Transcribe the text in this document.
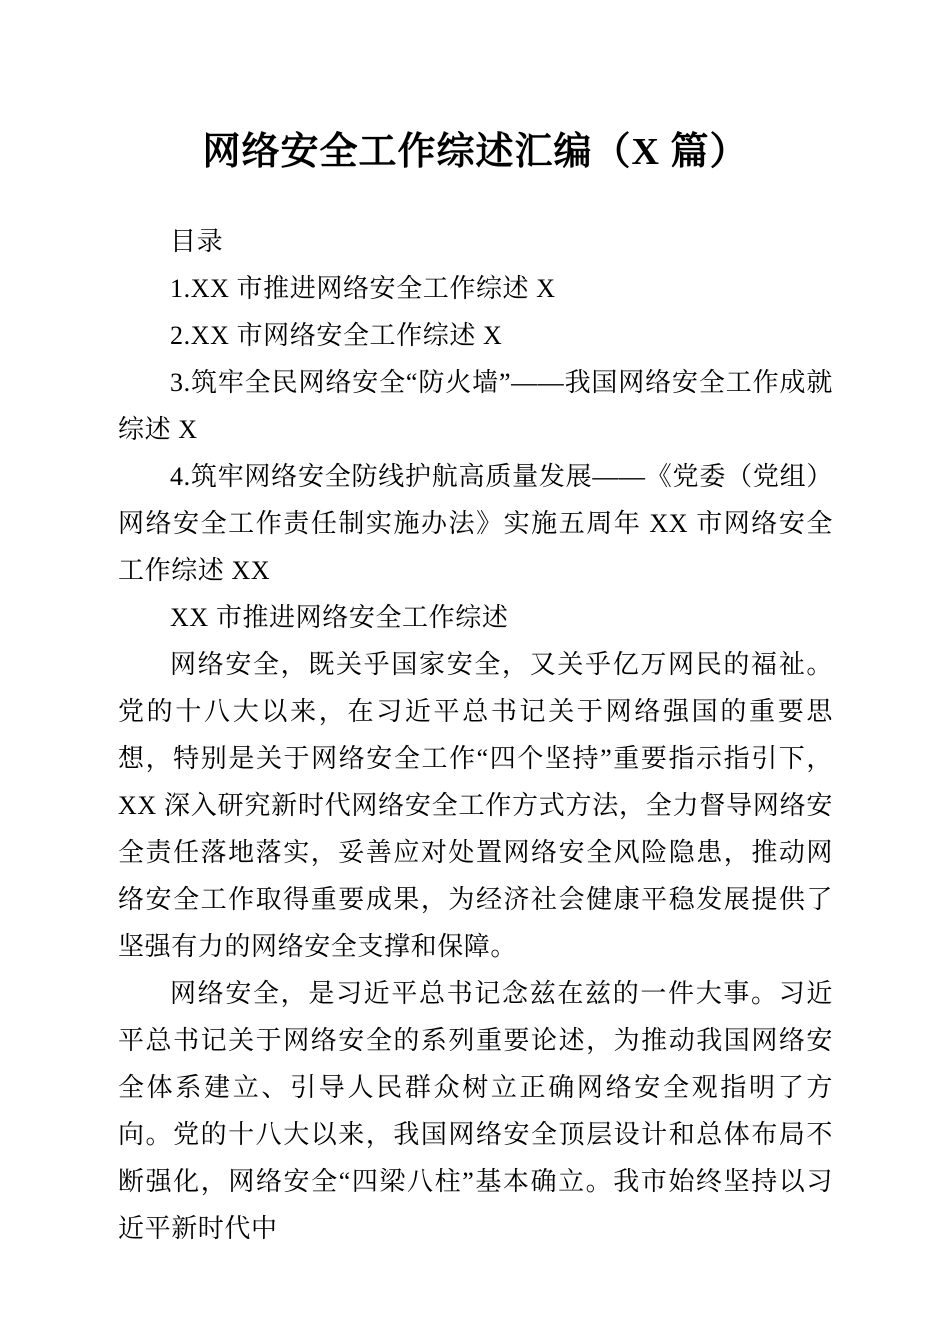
网络安全工作综述汇编（X 篇）

目录

1.XX 市推进网络安全工作综述 X

2.XX 市网络安全工作综述 X

3.筑牢全民网络安全“防火墙”——我国网络安全工作成就综述 X

4.筑牢网络安全防线护航高质量发展——《党委（党组）网络安全工作责任制实施办法》实施五周年 XX 市网络安全工作综述 XX

XX 市推进网络安全工作综述

网络安全，既关乎国家安全，又关乎亿万网民的福祉。党的十八大以来，在习近平总书记关于网络强国的重要思想，特别是关于网络安全工作“四个坚持”重要指示指引下，XX 深入研究新时代网络安全工作方式方法，全力督导网络安全责任落地落实，妥善应对处置网络安全风险隐患，推动网络安全工作取得重要成果，为经济社会健康平稳发展提供了坚强有力的网络安全支撑和保障。

网络安全，是习近平总书记念兹在兹的一件大事。习近平总书记关于网络安全的系列重要论述，为推动我国网络安全体系建立、引导人民群众树立正确网络安全观指明了方向。党的十八大以来，我国网络安全顶层设计和总体布局不断强化，网络安全“四梁八柱”基本确立。我市始终坚持以习近平新时代中
